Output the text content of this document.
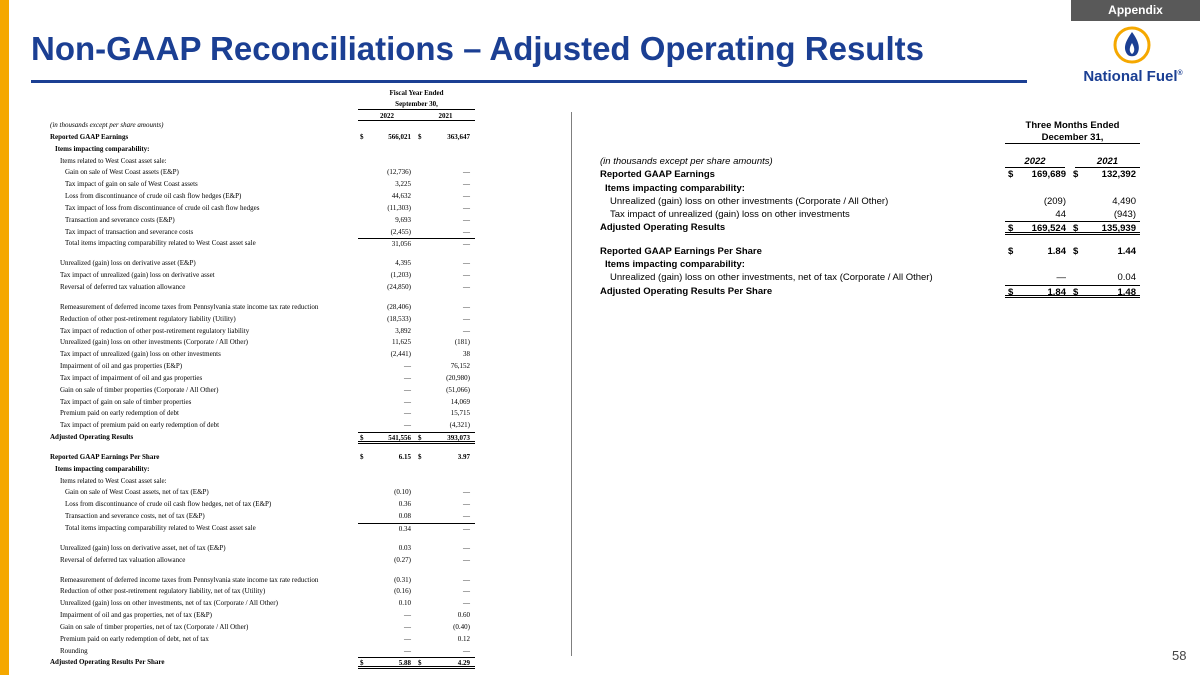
Appendix
Non-GAAP Reconciliations – Adjusted Operating Results
National Fuel®
Fiscal Year Ended
September 30,
2022	2021
(in thousands except per share amounts)
Reported GAAP Earnings	$	566,021 $	363,647
Items impacting comparability:
Items related to West Coast asset sale:
Gain on sale of West Coast assets (E&P)	(12,736)	—
Tax impact of gain on sale of West Coast assets	3,225	—
Loss from discontinuance of crude oil cash flow hedges (E&P)	44,632	—
Tax impact of loss from discontinuance of crude oil cash flow hedges	(11,303)	—
Transaction and severance costs (E&P)	9,693	—
Tax impact of transaction and severance costs	(2,455)	—
Total items impacting comparability related to West Coast asset sale	31,056	—
Unrealized (gain) loss on derivative asset (E&P)	4,395	—
Tax impact of unrealized (gain) loss on derivative asset	(1,203)	—
Reversal of deferred tax valuation allowance	(24,850)	—
Remeasurement of deferred income taxes from Pennsylvania state income tax rate reduction	(28,406)	—
Reduction of other post-retirement regulatory liability (Utility)	(18,533)	—
Tax impact of reduction of other post-retirement regulatory liability	3,892	—
Unrealized (gain) loss on other investments (Corporate / All Other)	11,625	(181)
Tax impact of unrealized (gain) loss on other investments	(2,441)	38
Impairment of oil and gas properties (E&P)	—	76,152
Tax impact of impairment of oil and gas properties	—	(20,980)
Gain on sale of timber properties (Corporate / All Other)	—	(51,066)
Tax impact of gain on sale of timber properties	—	14,069
Premium paid on early redemption of debt	—	15,715
Tax impact of premium paid on early redemption of debt	—	(4,321)
Adjusted Operating Results	$	541,556 $	393,073
Reported GAAP Earnings Per Share	$	6.15 $	3.97
Items impacting comparability:
Items related to West Coast asset sale:
Gain on sale of West Coast assets, net of tax (E&P)	(0.10)	—
Loss from discontinuance of crude oil cash flow hedges, net of tax (E&P)	0.36	—
Transaction and severance costs, net of tax (E&P)	0.08	—
Total items impacting comparability related to West Coast asset sale	0.34	—
Unrealized (gain) loss on derivative asset, net of tax (E&P)	0.03	—
Reversal of deferred tax valuation allowance	(0.27)	—
Remeasurement of deferred income taxes from Pennsylvania state income tax rate reduction	(0.31)	—
Reduction of other post-retirement regulatory liability, net of tax (Utility)	(0.16)	—
Unrealized (gain) loss on other investments, net of tax (Corporate / All Other)	0.10	—
Impairment of oil and gas properties, net of tax (E&P)	—	0.60
Gain on sale of timber properties, net of tax (Corporate / All Other)	—	(0.40)
Premium paid on early redemption of debt, net of tax	—	0.12
Rounding	—	—
Adjusted Operating Results Per Share	$	5.88 $	4.29
Three Months Ended
December 31,
(in thousands except per share amounts)	2022	2021
Reported GAAP Earnings	$ 169,689 $ 132,392
Items impacting comparability:
Unrealized (gain) loss on other investments (Corporate / All Other)	(209)	4,490
Tax impact of unrealized (gain) loss on other investments	44	(943)
Adjusted Operating Results	$ 169,524 $ 135,939
Reported GAAP Earnings Per Share	$	1.84 $	1.44
Items impacting comparability:
Unrealized (gain) loss on other investments, net of tax (Corporate / All Other)	—	0.04
Adjusted Operating Results Per Share	$	1.84 $	1.48
58
